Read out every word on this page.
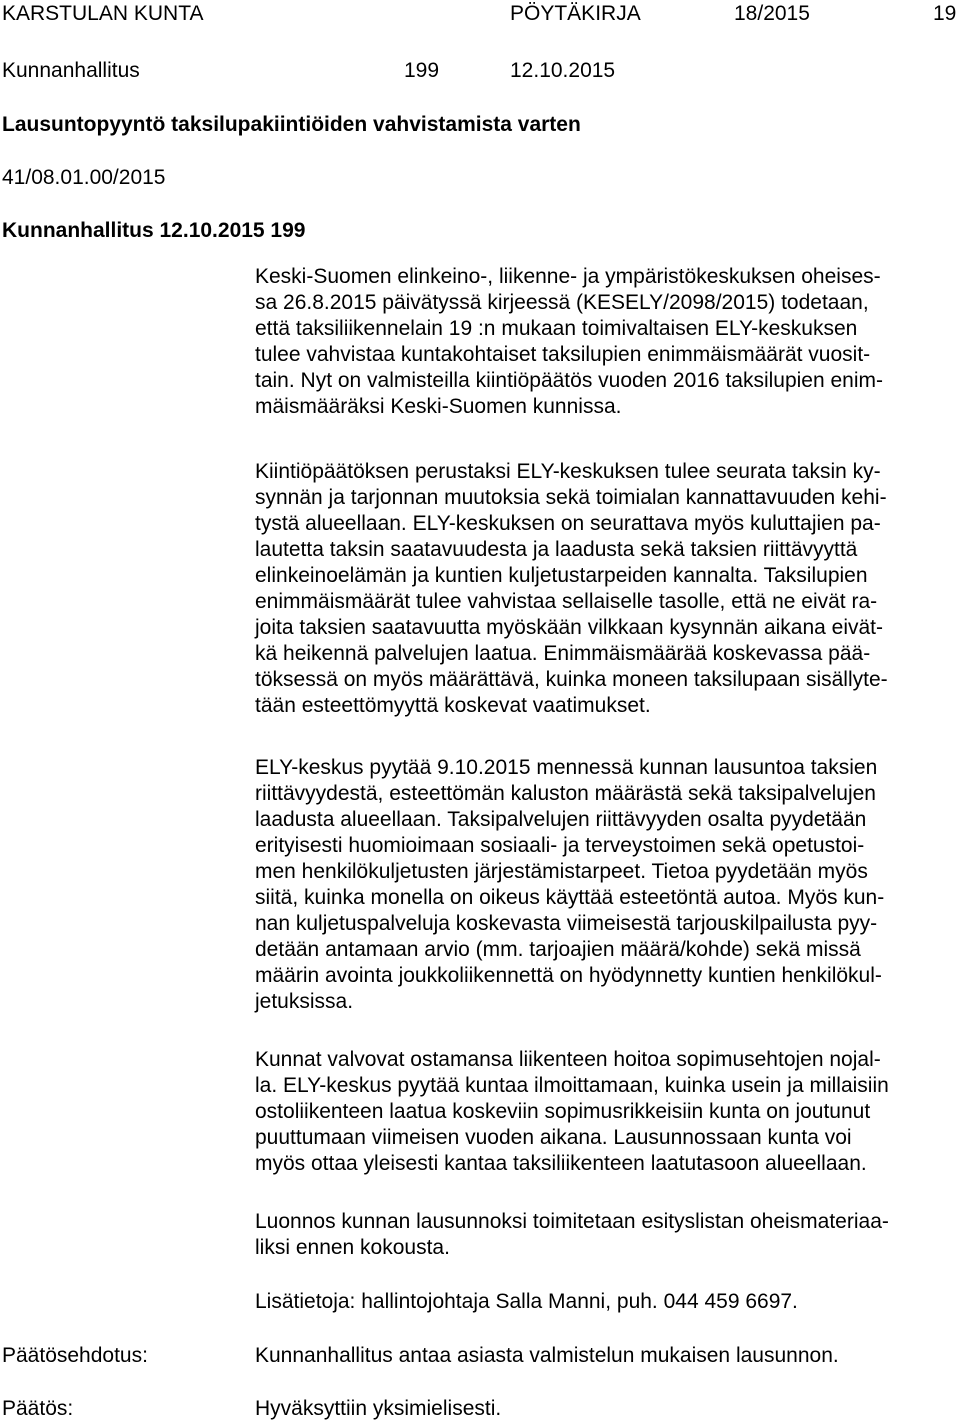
KARSTULAN KUNTA	PÖYTÄKIRJA	18/2015	19
Kunnanhallitus	199	12.10.2015
Lausuntopyyntö taksilupakiintiöiden vahvistamista varten
41/08.01.00/2015
Kunnanhallitus 12.10.2015 199
Keski-Suomen elinkeino-, liikenne- ja ympäristökeskuksen oheises-
sa 26.8.2015 päivätyssä kirjeessä (KESELY/2098/2015) todetaan,
että taksiliikennelain 19 :n mukaan toimivaltaisen ELY-keskuksen
tulee vahvistaa kuntakohtaiset taksilupien enimmäismäärät vuosit-
tain. Nyt on valmisteilla kiintiöpäätös vuoden 2016 taksilupien enim-
mäismääräksi Keski-Suomen kunnissa.
Kiintiöpäätöksen perustaksi ELY-keskuksen tulee seurata taksin ky-
synnän ja tarjonnan muutoksia sekä toimialan kannattavuuden kehi-
tystä alueellaan. ELY-keskuksen on seurattava myös kuluttajien pa-
lautetta taksin saatavuudesta ja laadusta sekä taksien riittävyyttä
elinkeinoelämän ja kuntien kuljetustarpeiden kannalta. Taksilupien
enimmäismäärät tulee vahvistaa sellaiselle tasolle, että ne eivät ra-
joita taksien saatavuutta myöskään vilkkaan kysynnän aikana eivät-
kä heikennä palvelujen laatua. Enimmäismäärää koskevassa pää-
töksessä on myös määrättävä, kuinka moneen taksilupaan sisällyte-
tään esteettömyyttä koskevat vaatimukset.
ELY-keskus pyytää 9.10.2015 mennessä kunnan lausuntoa taksien
riittävyydestä, esteettömän kaluston määrästä sekä taksipalvelujen
laadusta alueellaan. Taksipalvelujen riittävyyden osalta pyydetään
erityisesti huomioimaan sosiaali- ja terveystoimen sekä opetustoi-
men henkilökuljetusten järjestämistarpeet. Tietoa pyydetään myös
siitä, kuinka monella on oikeus käyttää esteetöntä autoa. Myös kun-
nan kuljetuspalveluja koskevasta viimeisestä tarjouskilpailusta pyy-
detään antamaan arvio (mm. tarjoajien määrä/kohde) sekä missä
määrin avointa joukkoliikennettä on hyödynnetty kuntien henkilökul-
jetuksissa.
Kunnat valvovat ostamansa liikenteen hoitoa sopimusehtojen nojal-
la. ELY-keskus pyytää kuntaa ilmoittamaan, kuinka usein ja millaisiin
ostoliikenteen laatua koskeviin sopimusrikkeisiin kunta on joutunut
puuttumaan viimeisen vuoden aikana. Lausunnossaan kunta voi
myös ottaa yleisesti kantaa taksiliikenteen laatutasoon alueellaan.
Luonnos kunnan lausunnoksi toimitetaan esityslistan oheismateriaa-
liksi ennen kokousta.
Lisätietoja: hallintojohtaja Salla Manni, puh. 044 459 6697.
Päätösehdotus:	Kunnanhallitus antaa asiasta valmistelun mukaisen lausunnon.
Päätös:	Hyväksyttiin yksimielisesti.
